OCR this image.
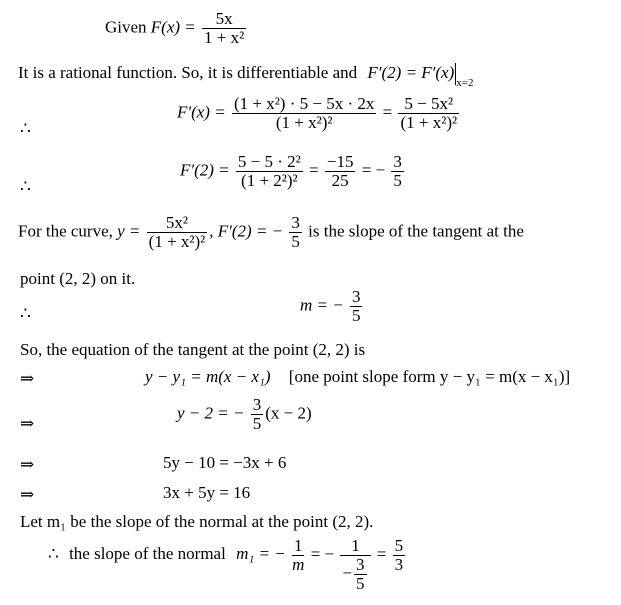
Given $F(x) = \frac{5x}{\text{1 + x²}}$
It is a rational function. So, it is differentiable and $F'(2) = F'(x)_{x=2}$
∴
$F'(x) = \frac{\text{(1 + x²) · 5 − 5x · 2x}}{\text{(1 + x²)²}} = \frac{\text{5 − 5x²}}{\text{(1 + x²)²}}$
∴
$F'(2) = \frac{\text{5 − 5 · 2²}}{\text{(1 + 2²)²}} = \frac{-15}{25}$ = − $\frac{3}{5}$
For the curve, $y = \frac{\text{5x²}}{\text{(1 + x²)²}}$ , F′(2) = − $\frac{3}{5}$ is the slope of the tangent at the
point (2, 2) on it.
∴	m = − $\frac{3}{5}$
So, the equation of the tangent at the point (2, 2) is
⇒	y − y₁ = m(x − x₁) [one point slope form y − y₁ = m(x − x₁)]
⇒
y − 2 = − $\frac{3}{5} (x - 2)$
⇒	5y − 10 = −3x + 6
⇒	3x + 5y = 16
Let m₁ be the slope of the normal at the point (2, 2).
∴ the slope of the normal m₁ = − $\frac{1}{m}$ = − $\frac{1}{- \frac{3}{5}} = \frac{5}{3}$
